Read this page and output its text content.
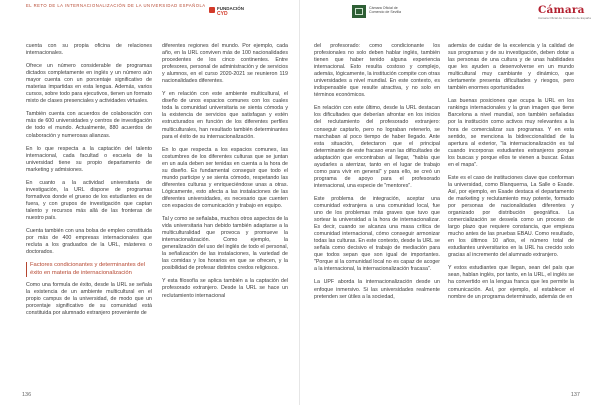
EL RETO DE LA INTERNACIONALIZACIÓN DE LA UNIVERSIDAD ESPAÑOLA

cuenta con su propia oficina de relaciones internacionales.

Ofrece un número considerable de programas dictados completamente en inglés y un número aún mayor cuenta con un porcentaje significativo de materias impartidas en esta lengua. Además, varios cursos, sobre todo para ejecutivos, tienen un formato mixto de clases presenciales y actividades virtuales.

También cuenta con acuerdos de colaboración con más de 600 universidades y centros de investigación de todo el mundo. Actualmente, 880 acuerdos de colaboración y numerosas alianzas.

En lo que respecta a la captación del talento internacional, cada facultad o escuela de la universidad tiene su propio departamento de marketing y admisiones.

En cuanto a la actividad universitaria de investigación, la URL dispone de programas formativos donde el grueso de los estudiantes es de fuera, y con grupos de investigación que captan talento y recursos más allá de las fronteras de nuestro país.

Cuenta también con una bolsa de empleo constituida por más de 400 empresas internacionales que recluta a los graduados de la URL, másteres o doctorados.

Factores condicionantes y determinantes del éxito en materia de internacionalización

Como una formula de éxito, desde la URL se señala la existencia de un ambiente multicultural en el propio campus de la universidad, de modo que un porcentaje significativo de su comunidad está constituida por alumnado extranjero proveniente de

diferentes regiones del mundo. Por ejemplo, cada año, en la URL conviven más de 100 nacionalidades procedentes de los cinco continentes. Entre profesores, personal de administración y de servicios y alumnos, en el curso 2020-2021 se reunieron 119 nacionalidades diferentes.

Y en relación con este ambiente multicultural, el diseño de unos espacios comunes con los cuales toda la comunidad universitaria se sienta cómoda y la existencia de servicios que satisfagan y estén estructurados en función de los diferentes perfiles multiculturales, han resultado también determinantes para el éxito de su internacionalización.

En lo que respecta a los espacios comunes, las costumbres de los diferentes culturas que se juntan en un aula deben ser tenidas en cuenta a la hora de su diseño. Es fundamental conseguir que todo el mundo participe y se sienta cómodo, respetando las diferentes culturas y enriqueciéndose unas a otras. Lógicamente, esto afecta a las instalaciones de las diferentes universidades, es necesario que cuenten con espacios de comunicación y trabajo en equipo.

Tal y como se señalaba, muchos otros aspectos de la vida universitaria han debido también adaptarse a la multiculturalidad que provoca y promueve la internacionalización. Como ejemplo, la generalización del uso del inglés de todo el personal, la señalización de las instalaciones, la variedad de las comidas y los horarios en que se ofrecen, y la posibilidad de profesar distintos credos religiosos.

Y esta filosofía se aplica también a la captación del profesorado extranjero. Desde la URL se hace un reclutamiento internacional

FUNDACIÓN
CYD
136
Cámara Oficial de Comercio de Sevilla	Cámara
Cámara Oficial de Comercio de España

del profesorado: como condicionante los profesionales no solo deben hablar inglés, también tienen que haber tenido alguna experiencia internacional. Esto resulta costoso y complejo, además, lógicamente, la institución compite con otras universidades a nivel mundial. En este contexto, es indispensable que resulte atractiva, y no solo en términos económicos.

En relación con este último, desde la URL destacan los dificultades que deberían afrontar en los inicios del reclutamiento del profesorado extranjero: conseguir captarlo, pero no lograban retenerlo, se marchaban al poco tiempo de haber llegado. Ante esta situación, detectaron que el principal determinante de este fracaso eran las dificultades de adaptación que encontraban al llegar, "había que ayudarles a aterrizar, tanto en el lugar de trabajo como para vivir en general" y para ello, se creó un programa de apoyo para el profesorado internacional, una especie de "mentores".

Este problema de integración, aceptar una comunidad extranjera a una comunidad local, fue uno de los problemas más graves que tuvo que sortear la universidad a la hora de internacionalizar. Es decir, cuando se alcanza una masa crítica de comunidad internacional, cómo conseguir armonizar todas las culturas. En este contexto, desde la URL se señala como decisivo el trabajo de mediación para que todos sepan que son igual de importantes. "Porque si la comunidad local no es capaz de acoger a la internacional, la internacionalización fracasa".

La UPF aborda la internacionalización desde un enfoque inmersivo. Si las universidades realmente pretenden ser útiles a la sociedad,

además de cuidar de la excelencia y la calidad de sus programas y de su investigación, deben dotar a las personas de una cultura y de unas habilidades que les ayuden a desenvolverse en un mundo multicultural muy cambiante y dinámico, que ciertamente presenta dificultades y riesgos, pero también enormes oportunidades

Las buenas posiciones que ocupa la URL en los rankings internacionales y la gran imagen que tiene Barcelona a nivel mundial, son también señaladas por la institución como activos muy relevantes a la hora de comercializar sus programas. Y en esta sentido, se menciona la bidireccionalidad de la apertura al exterior, "la internacionalización es tal cuando incorporas estudiantes extranjeros porque los buscas y porque ellos te vienen a buscar. Éstas en el mapa".

Este es el caso de instituciones clave que conforman la universidad, como Blanquerna, La Salle o Esade. Así, por ejemplo, en Esade destaca el departamento de marketing y reclutamiento muy potente, formado por personas de nacionalidades diferentes y organizado por distribución geográfica. La comercialización se desvela como un proceso de largo plazo que requiere constancia, que empieza mucho antes de las pruebas EBAU. Como resultado, en los últimos 10 años, el número total de estudiantes universitarios en la URL ha crecido solo gracias al incremento del alumnado extranjero.

Y estos estudiantes que llegan, sean del país que sean, hablan inglés, por tanto, en la URL, el inglés se ha convertido en la lengua franca que les permite la comunicación. Así, por ejemplo, al establecer el nombre de un programa determinado, además de en

137
